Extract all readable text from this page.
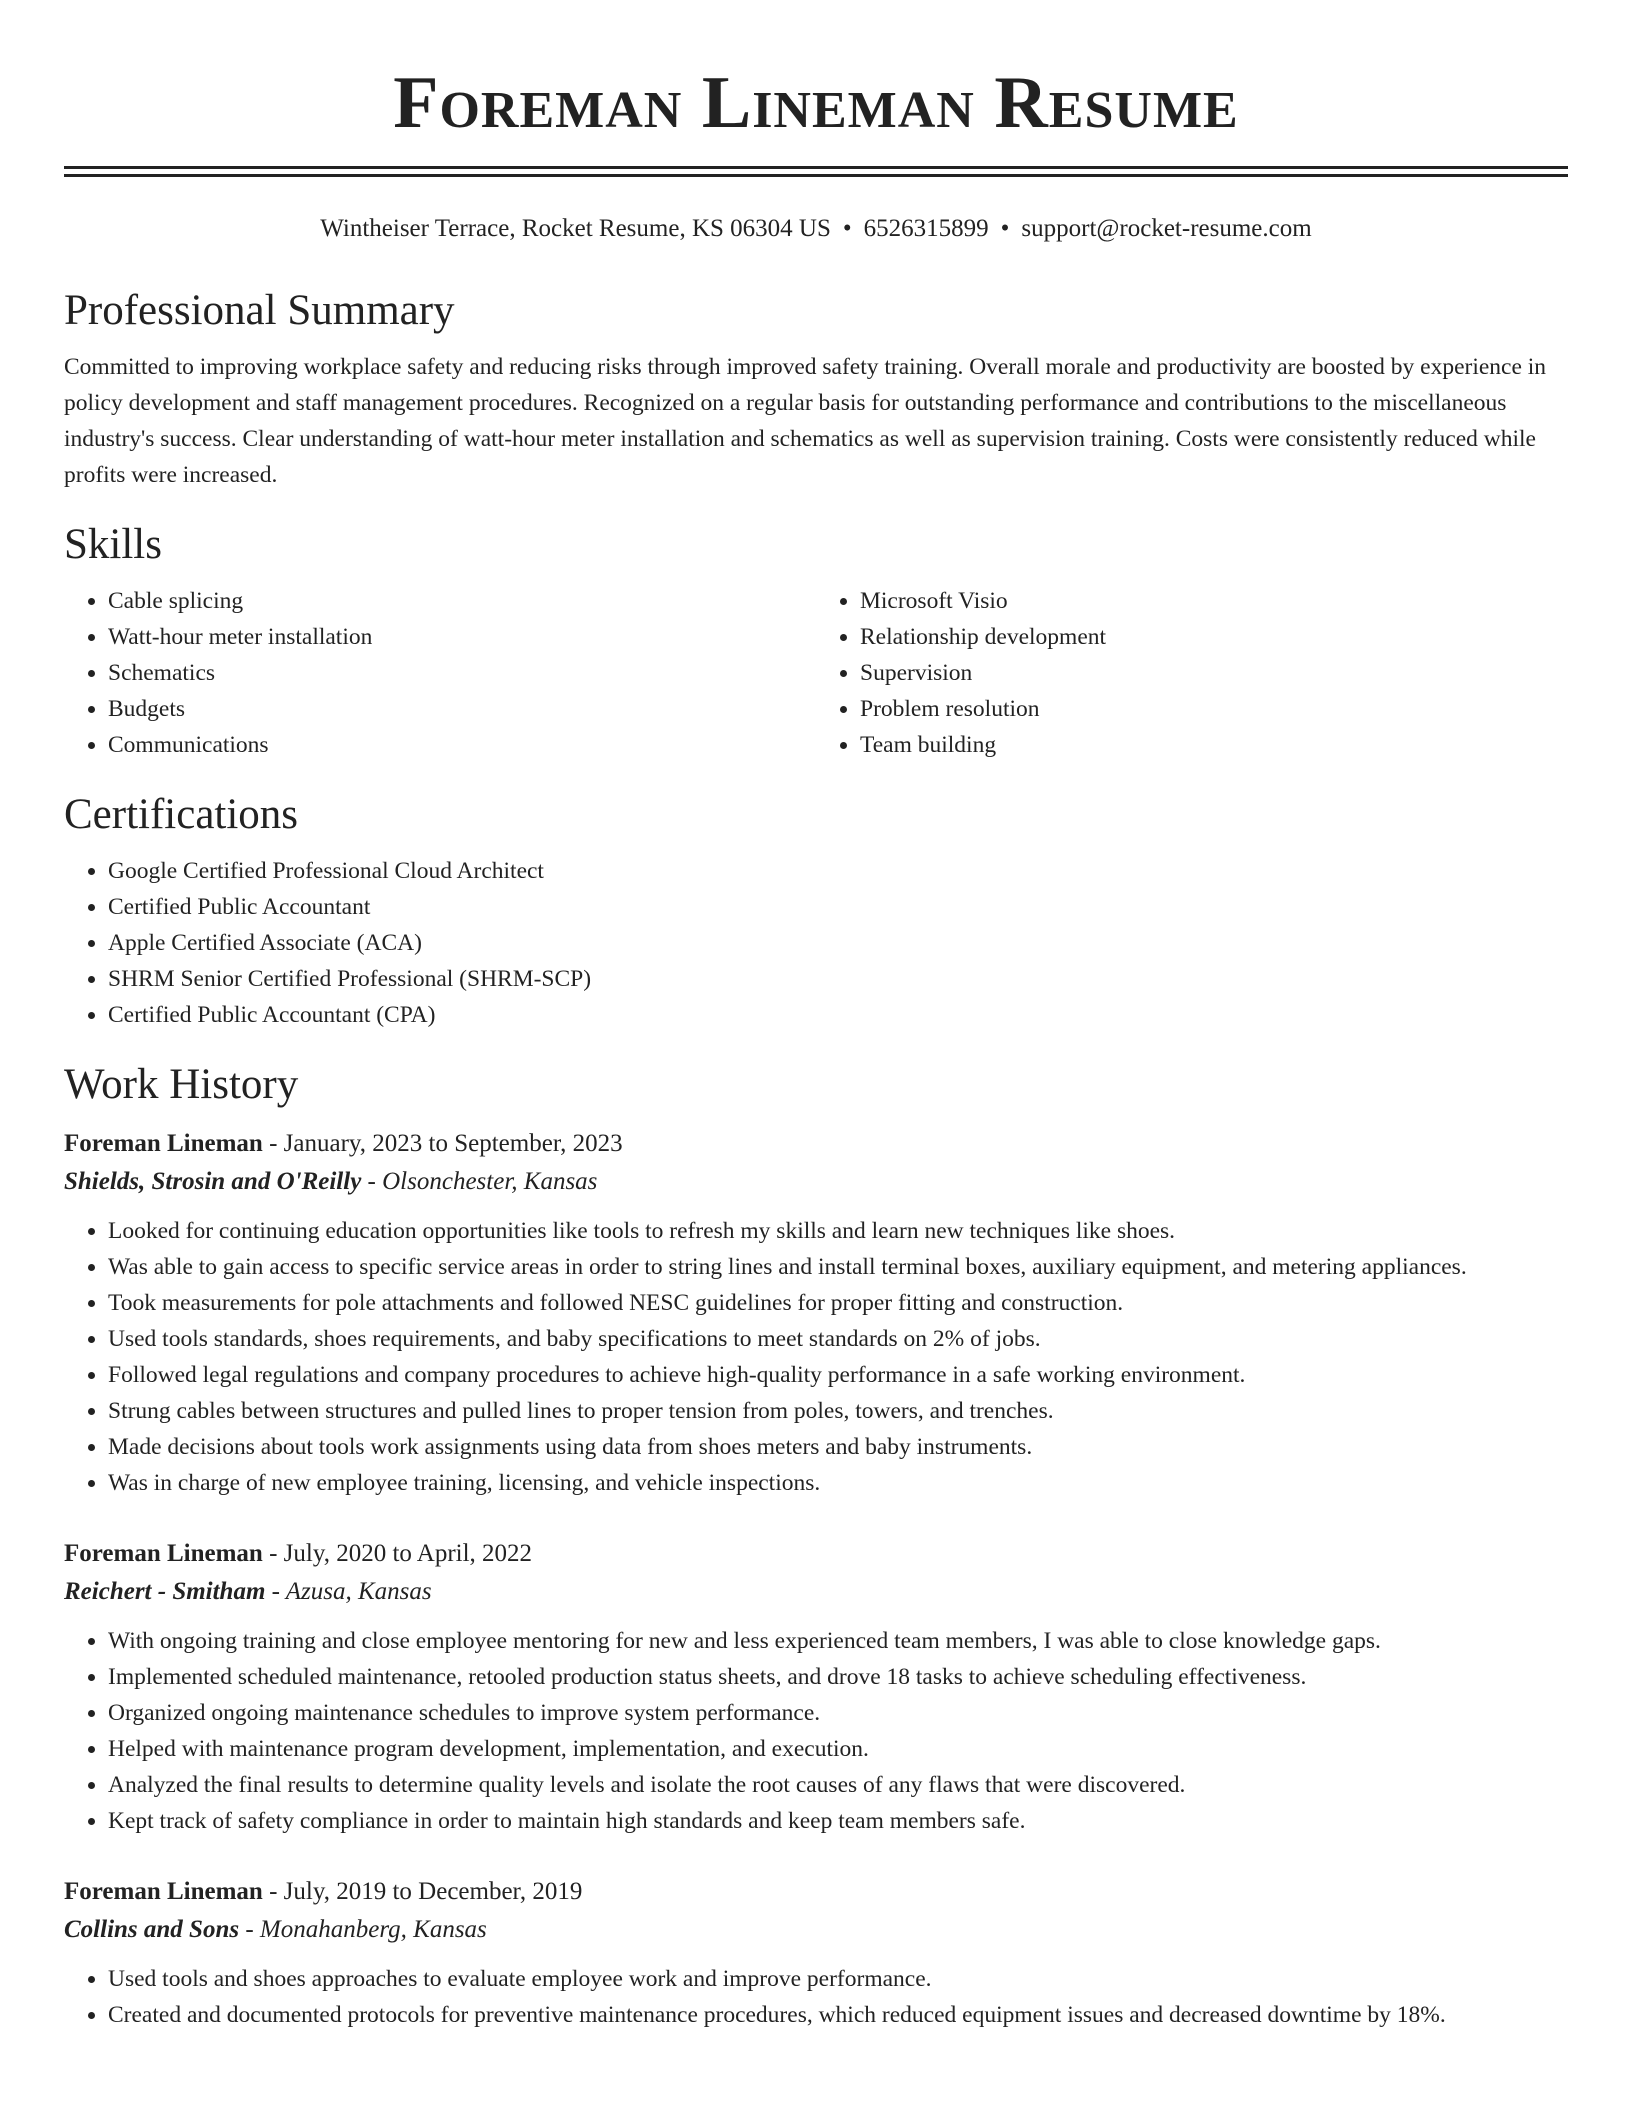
Foreman Lineman Resume
Wintheiser Terrace, Rocket Resume, KS 06304 US • 6526315899 • support@rocket-resume.com
Professional Summary

Committed to improving workplace safety and reducing risks through improved safety training. Overall morale and productivity are boosted by experience in policy development and staff management procedures. Recognized on a regular basis for outstanding performance and contributions to the miscellaneous industry's success. Clear understanding of watt-hour meter installation and schematics as well as supervision training. Costs were consistently reduced while profits were increased.

Skills
• Cable splicing
• Watt-hour meter installation
• Schematics
• Budgets
• Communications
• Microsoft Visio
• Relationship development
• Supervision
• Problem resolution
• Team building
Certifications
• Google Certified Professional Cloud Architect
• Certified Public Accountant
• Apple Certified Associate (ACA)
• SHRM Senior Certified Professional (SHRM-SCP)
• Certified Public Accountant (CPA)
Work History

Foreman Lineman - January, 2023 to September, 2023

Shields, Strosin and O'Reilly - Olsonchester, Kansas

• Looked for continuing education opportunities like tools to refresh my skills and learn new techniques like shoes.
• Was able to gain access to specific service areas in order to string lines and install terminal boxes, auxiliary equipment, and metering appliances.
• Took measurements for pole attachments and followed NESC guidelines for proper fitting and construction.
• Used tools standards, shoes requirements, and baby specifications to meet standards on 2% of jobs.
• Followed legal regulations and company procedures to achieve high-quality performance in a safe working environment.
• Strung cables between structures and pulled lines to proper tension from poles, towers, and trenches.
• Made decisions about tools work assignments using data from shoes meters and baby instruments.
• Was in charge of new employee training, licensing, and vehicle inspections.

Foreman Lineman - July, 2020 to April, 2022

Reichert - Smitham - Azusa, Kansas

• With ongoing training and close employee mentoring for new and less experienced team members, I was able to close knowledge gaps.
• Implemented scheduled maintenance, retooled production status sheets, and drove 18 tasks to achieve scheduling effectiveness.
• Organized ongoing maintenance schedules to improve system performance.
• Helped with maintenance program development, implementation, and execution.
• Analyzed the final results to determine quality levels and isolate the root causes of any flaws that were discovered.
• Kept track of safety compliance in order to maintain high standards and keep team members safe.

Foreman Lineman - July, 2019 to December, 2019

Collins and Sons - Monahanberg, Kansas

• Used tools and shoes approaches to evaluate employee work and improve performance.
• Created and documented protocols for preventive maintenance procedures, which reduced equipment issues and decreased downtime by 18%.
